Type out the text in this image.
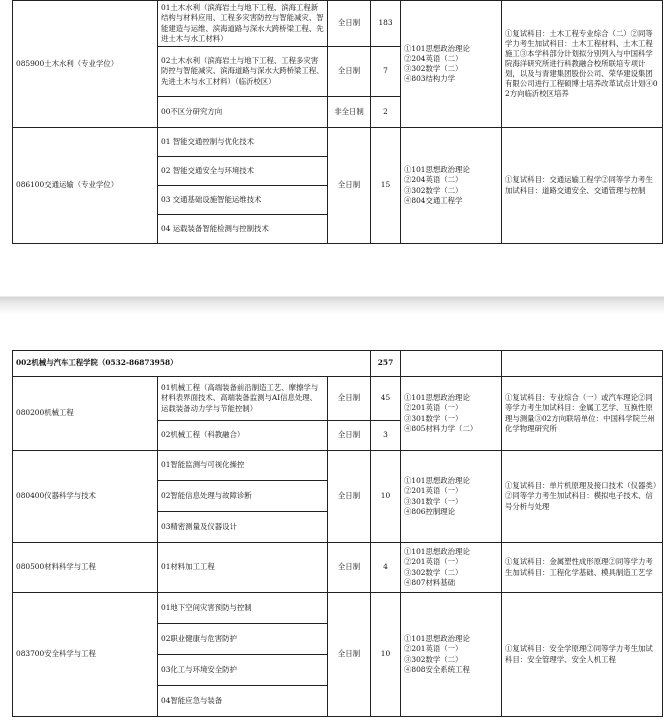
085900土木水利（专业学位）	01土木水利（滨海岩土与地下工程、滨海工程新结构与材料应用、工程多灾害防控与智能减灾、智能建造与运维、滨海道路与深水大跨桥梁工程、先进土木与水工材料）	全日制	183	①101思想政治理论
②204英语（二）
③302数学（二）
④803结构力学	①复试科目：土木工程专业综合（二）②同等学力考生加试科目：土木工程材料、土木工程施工③本学科部分计划拟分别列入与中国科学院海洋研究所进行科教融合校所联培专项计划，以及与青建集团股份公司、荣华建设集团有限公司进行工程硕博士培养改革试点计划④02方向临沂校区培养

	02土木水利（滨海岩土与地下工程、工程多灾害防控与智能减灾、滨海道路与深水大跨桥梁工程、先进土木与水工材料）（临沂校区）	全日制	7		
	00不区分研究方向	非全日制	2		
086100交通运输（专业学位）	01 智能交通控制与优化技术	全日制	15	①101思想政治理论
②204英语（二）
③302数学（二）
④804交通工程学	①复试科目：交通运输工程学②同等学力考生加试科目：道路交通安全、交通管理与控制

	02 智能交通安全与环境技术				
	03 交通基础设施智能运维技术				
	04 运载装备智能检测与控制技术				
002机械与汽车工程学院（0532-86873958）			257		
080200机械工程	01机械工程（高端装备前沿制造工艺、摩擦学与材料表界面技术、高端装备监测与AI信息处理、运载装备动力学与节能控制）	全日制	45	①101思想政治理论
②201英语（一）
③301数学（一）
④805材料力学（二）	①复试科目：专业综合（一）或汽车理论②同等学力考生加试科目：金属工艺学、互换性原理与测量③02方向联培单位：中国科学院兰州化学物理研究所

	02机械工程（科教融合）	全日制	3		
080400仪器科学与技术	01智能监测与可视化操控	全日制	10	①101思想政治理论
②201英语（一）
③301数学（一）
④806控制理论	①复试科目：单片机原理及接口技术（仪器类）②同等学力考生加试科目：模拟电子技术、信号分析与处理

	02智能信息处理与故障诊断				
	03精密测量及仪器设计				
080500材料科学与工程	01材料加工工程	全日制	4	①101思想政治理论
②201英语（一）
③302数学（二）
④807材料基础	①复试科目：金属塑性成形原理②同等学力考生加试科目：工程化学基础、模具制造工艺学

083700安全科学与工程	01地下空间灾害预防与控制	全日制	10	①101思想政治理论
②201英语（一）
③302数学（二）
④808安全系统工程	①复试科目：安全学原理②同等学力考生加试科目：安全管理学、安全人机工程

	02职业健康与危害防护				
	03化工与环境安全防护				
	04智能应急与装备				
